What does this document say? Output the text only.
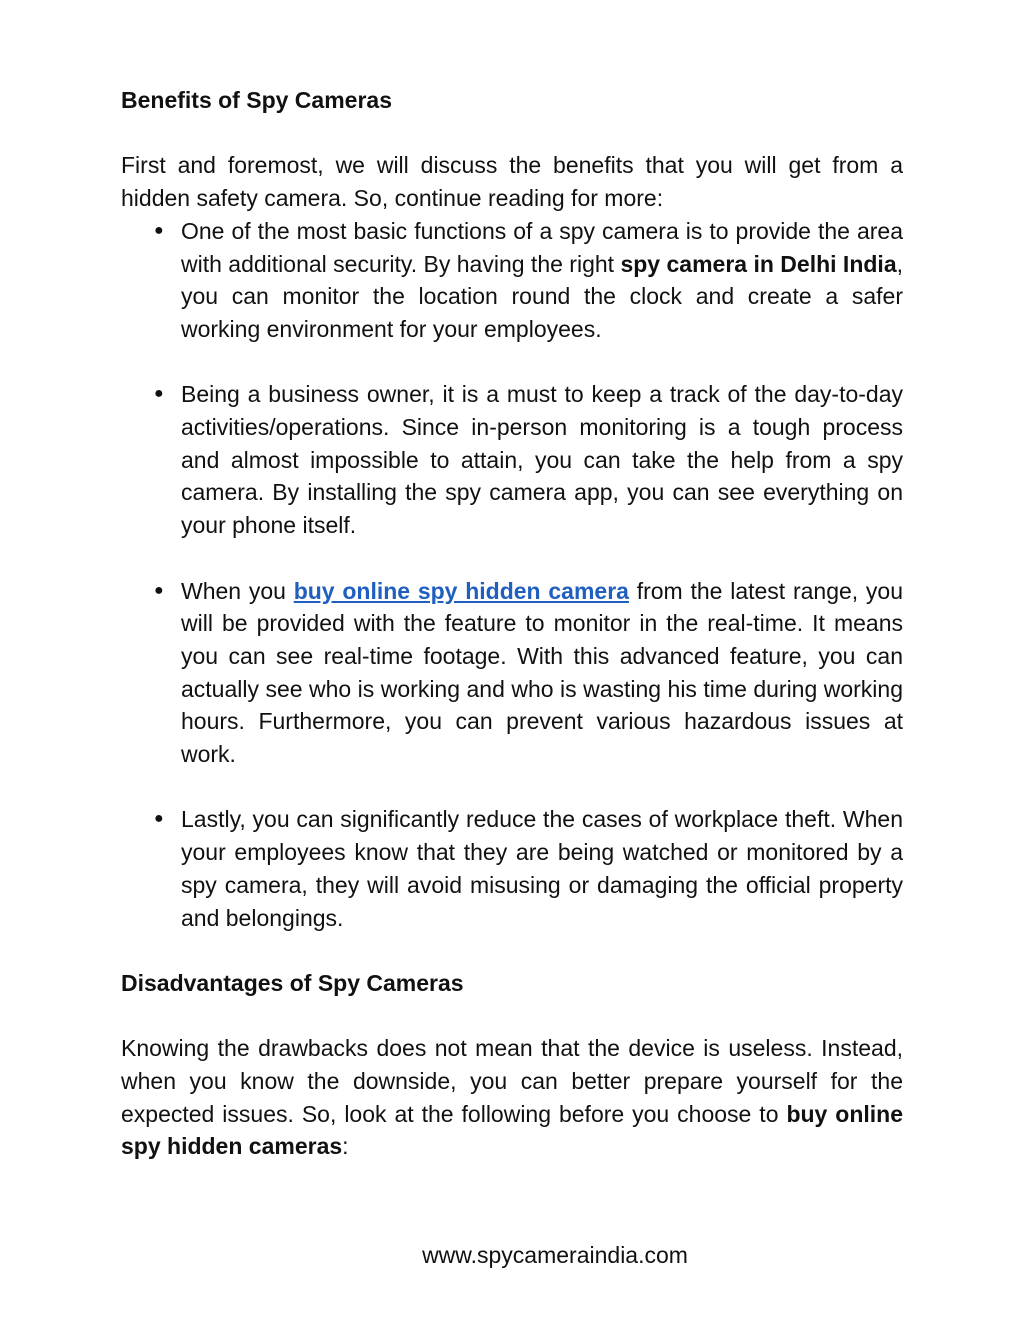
Benefits of Spy Cameras

First and foremost, we will discuss the benefits that you will get from a hidden safety camera. So, continue reading for more:

● One of the most basic functions of a spy camera is to provide the area with additional security. By having the right spy camera in Delhi India, you can monitor the location round the clock and create a safer working environment for your employees.
● Being a business owner, it is a must to keep a track of the day-to-day activities/operations. Since in-person monitoring is a tough process and almost impossible to attain, you can take the help from a spy camera. By installing the spy camera app, you can see everything on your phone itself.
● When you buy online spy hidden camera from the latest range, you will be provided with the feature to monitor in the real-time. It means you can see real-time footage. With this advanced feature, you can actually see who is working and who is wasting his time during working hours. Furthermore, you can prevent various hazardous issues at work.
● Lastly, you can significantly reduce the cases of workplace theft. When your employees know that they are being watched or monitored by a spy camera, they will avoid misusing or damaging the official property and belongings.

Disadvantages of Spy Cameras

Knowing the drawbacks does not mean that the device is useless. Instead, when you know the downside, you can better prepare yourself for the expected issues. So, look at the following before you choose to buy online spy hidden cameras:

www.spycameraindia.com
